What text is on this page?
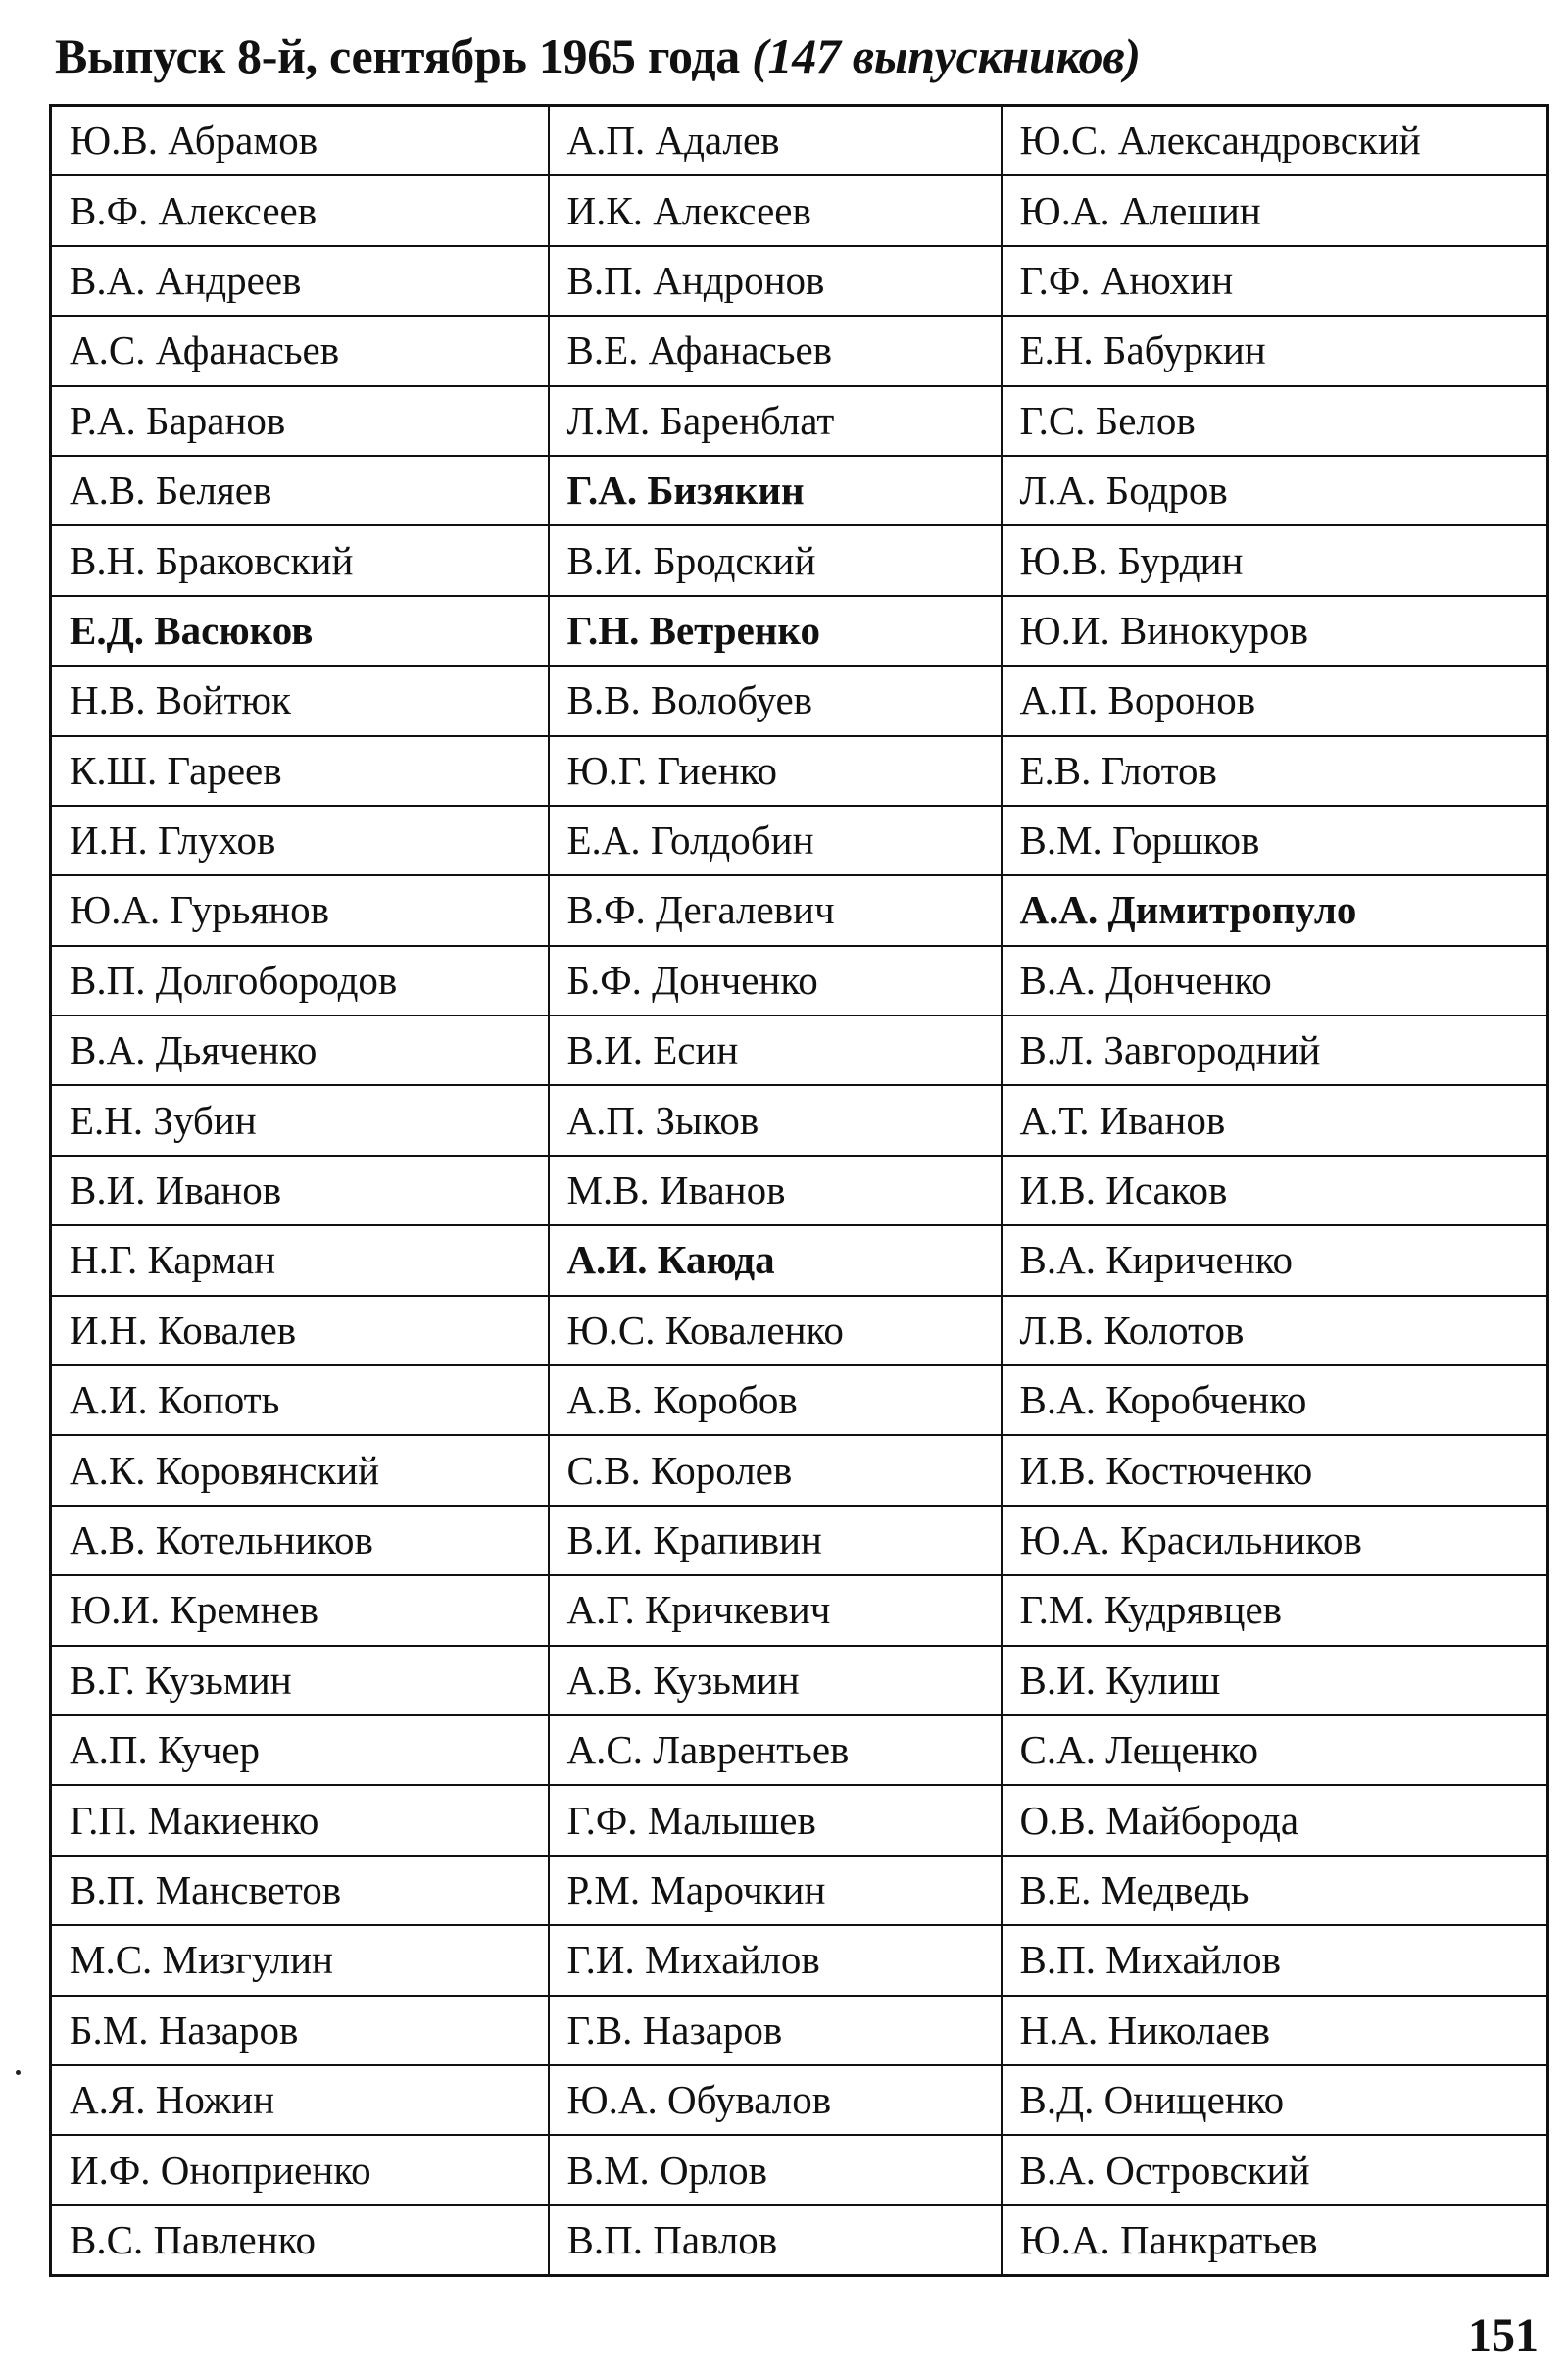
Выпуск 8-й, сентябрь 1965 года (147 выпускников)
Ю.В. Абрамов	А.П. Адалев	Ю.С. Александровский
В.Ф. Алексеев	И.К. Алексеев	Ю.А. Алешин
В.А. Андреев	В.П. Андронов	Г.Ф. Анохин
А.С. Афанасьев	В.Е. Афанасьев	Е.Н. Бабуркин
Р.А. Баранов	Л.М. Баренблат	Г.С. Белов
А.В. Беляев	Г.А. Бизякин	Л.А. Бодров
В.Н. Браковский	В.И. Бродский	Ю.В. Бурдин
Е.Д. Васюков	Г.Н. Ветренко	Ю.И. Винокуров
Н.В. Войтюк	В.В. Волобуев	А.П. Воронов
К.Ш. Гареев	Ю.Г. Гиенко	Е.В. Глотов
И.Н. Глухов	Е.А. Голдобин	В.М. Горшков
Ю.А. Гурьянов	В.Ф. Дегалевич	А.А. Димитропуло
В.П. Долгобородов	Б.Ф. Донченко	В.А. Донченко
В.А. Дьяченко	В.И. Есин	В.Л. Завгородний
Е.Н. Зубин	А.П. Зыков	А.Т. Иванов
В.И. Иванов	М.В. Иванов	И.В. Исаков
Н.Г. Карман	А.И. Каюда	В.А. Кириченко
И.Н. Ковалев	Ю.С. Коваленко	Л.В. Колотов
А.И. Копоть	А.В. Коробов	В.А. Коробченко
А.К. Коровянский	С.В. Королев	И.В. Костюченко
А.В. Котельников	В.И. Крапивин	Ю.А. Красильников
Ю.И. Кремнев	А.Г. Кричкевич	Г.М. Кудрявцев
В.Г. Кузьмин	А.В. Кузьмин	В.И. Кулиш
А.П. Кучер	А.С. Лаврентьев	С.А. Лещенко
Г.П. Макиенко	Г.Ф. Малышев	О.В. Майборода
В.П. Мансветов	Р.М. Марочкин	В.Е. Медведь
М.С. Мизгулин	Г.И. Михайлов	В.П. Михайлов
Б.М. Назаров	Г.В. Назаров	Н.А. Николаев
А.Я. Ножин	Ю.А. Обувалов	В.Д. Онищенко
И.Ф. Оноприенко	В.М. Орлов	В.А. Островский
В.С. Павленко	В.П. Павлов	Ю.А. Панкратьев
151
